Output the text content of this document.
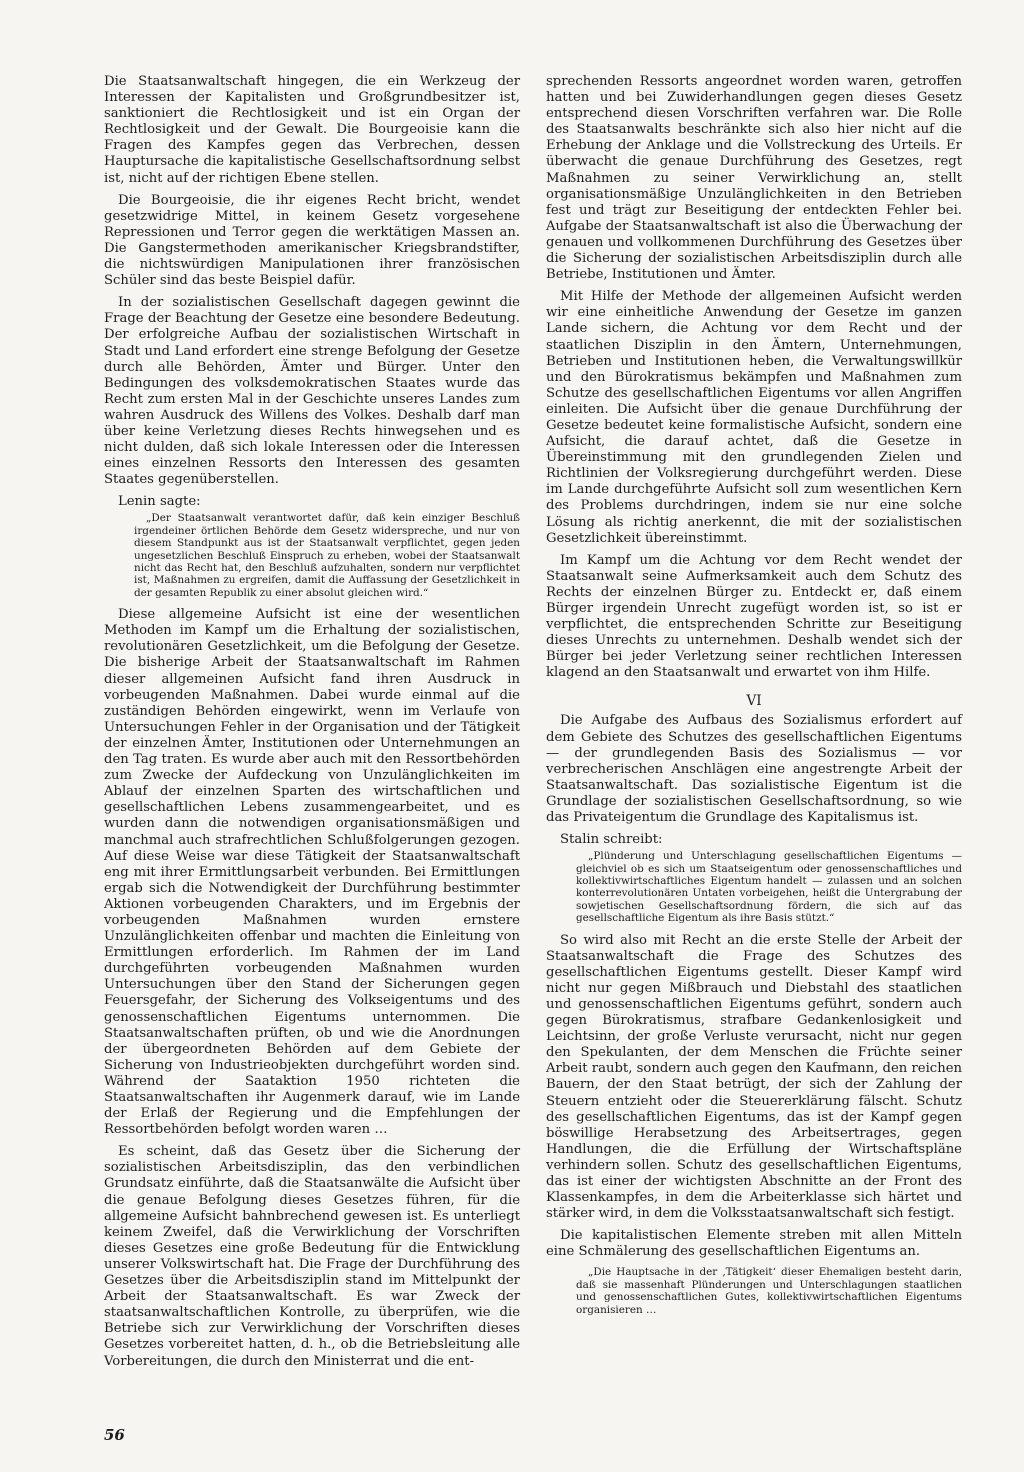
Die Staatsanwaltschaft hingegen, die ein Werkzeug der Interessen der Kapitalisten und Großgrundbesitzer ist, sanktioniert die Rechtlosigkeit und ist ein Organ der Rechtlosigkeit und der Gewalt. Die Bourgeoisie kann die Fragen des Kampfes gegen das Verbrechen, dessen Hauptursache die kapitalistische Gesellschaftsordnung selbst ist, nicht auf der richtigen Ebene stellen.

Die Bourgeoisie, die ihr eigenes Recht bricht, wendet gesetzwidrige Mittel, in keinem Gesetz vorgesehene Repressionen und Terror gegen die werktätigen Massen an. Die Gangstermethoden amerikanischer Kriegsbrandstifter, die nichtswürdigen Manipulationen ihrer französischen Schüler sind das beste Beispiel dafür.

In der sozialistischen Gesellschaft dagegen gewinnt die Frage der Beachtung der Gesetze eine besondere Bedeutung. Der erfolgreiche Aufbau der sozialistischen Wirtschaft in Stadt und Land erfordert eine strenge Befolgung der Gesetze durch alle Behörden, Ämter und Bürger. Unter den Bedingungen des volksdemokratischen Staates wurde das Recht zum ersten Mal in der Geschichte unseres Landes zum wahren Ausdruck des Willens des Volkes. Deshalb darf man über keine Verletzung dieses Rechts hinwegsehen und es nicht dulden, daß sich lokale Interessen oder die Interessen eines einzelnen Ressorts den Interessen des gesamten Staates gegenüberstellen.

Lenin sagte:
„Der Staatsanwalt verantwortet dafür, daß kein einziger Beschluß irgendeiner örtlichen Behörde dem Gesetz widerspreche, und nur von diesem Standpunkt aus ist der Staatsanwalt verpflichtet, gegen jeden ungesetzlichen Beschluß Einspruch zu erheben, wobei der Staatsanwalt nicht das Recht hat, den Beschluß aufzuhalten, sondern nur verpflichtet ist, Maßnahmen zu ergreifen, damit die Auffassung der Gesetzlichkeit in der gesamten Republik zu einer absolut gleichen wird.“

Diese allgemeine Aufsicht ist eine der wesentlichen Methoden im Kampf um die Erhaltung der sozialistischen, revolutionären Gesetzlichkeit, um die Befolgung der Gesetze. Die bisherige Arbeit der Staatsanwaltschaft im Rahmen dieser allgemeinen Aufsicht fand ihren Ausdruck in vorbeugenden Maßnahmen. Dabei wurde einmal auf die zuständigen Behörden eingewirkt, wenn im Verlaufe von Untersuchungen Fehler in der Organisation und der Tätigkeit der einzelnen Ämter, Institutionen oder Unternehmungen an den Tag traten. Es wurde aber auch mit den Ressortbehörden zum Zwecke der Aufdeckung von Unzulänglichkeiten im Ablauf der einzelnen Sparten des wirtschaftlichen und gesellschaftlichen Lebens zusammengearbeitet, und es wurden dann die notwendigen organisationsmäßigen und manchmal auch strafrechtlichen Schlußfolgerungen gezogen. Auf diese Weise war diese Tätigkeit der Staatsanwaltschaft eng mit ihrer Ermittlungsarbeit verbunden. Bei Ermittlungen ergab sich die Notwendigkeit der Durchführung bestimmter Aktionen vorbeugenden Charakters, und im Ergebnis der vorbeugenden Maßnahmen wurden ernstere Unzulänglichkeiten offenbar und machten die Einleitung von Ermittlungen erforderlich. Im Rahmen der im Land durchgeführten vorbeugenden Maßnahmen wurden Untersuchungen über den Stand der Sicherungen gegen Feuersgefahr, der Sicherung des Volkseigentums und des genossenschaftlichen Eigentums unternommen. Die Staatsanwaltschaften prüften, ob und wie die Anordnungen der übergeordneten Behörden auf dem Gebiete der Sicherung von Industrieobjekten durchgeführt worden sind. Während der Saataktion 1950 richteten die Staatsanwaltschaften ihr Augenmerk darauf, wie im Lande der Erlaß der Regierung und die Empfehlungen der Ressortbehörden befolgt worden waren …

Es scheint, daß das Gesetz über die Sicherung der sozialistischen Arbeitsdisziplin, das den verbindlichen Grundsatz einführte, daß die Staatsanwälte die Aufsicht über die genaue Befolgung dieses Gesetzes führen, für die allgemeine Aufsicht bahnbrechend gewesen ist. Es unterliegt keinem Zweifel, daß die Verwirklichung der Vorschriften dieses Gesetzes eine große Bedeutung für die Entwicklung unserer Volkswirtschaft hat. Die Frage der Durchführung des Gesetzes über die Arbeitsdisziplin stand im Mittelpunkt der Arbeit der Staatsanwaltschaft. Es war Zweck der staatsanwaltschaftlichen Kontrolle, zu überprüfen, wie die Betriebe sich zur Verwirklichung der Vorschriften dieses Gesetzes vorbereitet hatten, d. h., ob die Betriebsleitung alle Vorbereitungen, die durch den Ministerrat und die ent-

sprechenden Ressorts angeordnet worden waren, getroffen hatten und bei Zuwiderhandlungen gegen dieses Gesetz entsprechend diesen Vorschriften verfahren war. Die Rolle des Staatsanwalts beschränkte sich also hier nicht auf die Erhebung der Anklage und die Vollstreckung des Urteils. Er überwacht die genaue Durchführung des Gesetzes, regt Maßnahmen zu seiner Verwirklichung an, stellt organisationsmäßige Unzulänglichkeiten in den Betrieben fest und trägt zur Beseitigung der entdeckten Fehler bei. Aufgabe der Staatsanwaltschaft ist also die Überwachung der genauen und vollkommenen Durchführung des Gesetzes über die Sicherung der sozialistischen Arbeitsdisziplin durch alle Betriebe, Institutionen und Ämter.

Mit Hilfe der Methode der allgemeinen Aufsicht werden wir eine einheitliche Anwendung der Gesetze im ganzen Lande sichern, die Achtung vor dem Recht und der staatlichen Disziplin in den Ämtern, Unternehmungen, Betrieben und Institutionen heben, die Verwaltungswillkür und den Bürokratismus bekämpfen und Maßnahmen zum Schutze des gesellschaftlichen Eigentums vor allen Angriffen einleiten. Die Aufsicht über die genaue Durchführung der Gesetze bedeutet keine formalistische Aufsicht, sondern eine Aufsicht, die darauf achtet, daß die Gesetze in Übereinstimmung mit den grundlegenden Zielen und Richtlinien der Volksregierung durchgeführt werden. Diese im Lande durchgeführte Aufsicht soll zum wesentlichen Kern des Problems durchdringen, indem sie nur eine solche Lösung als richtig anerkennt, die mit der sozialistischen Gesetzlichkeit übereinstimmt.

Im Kampf um die Achtung vor dem Recht wendet der Staatsanwalt seine Aufmerksamkeit auch dem Schutz des Rechts der einzelnen Bürger zu. Entdeckt er, daß einem Bürger irgendein Unrecht zugefügt worden ist, so ist er verpflichtet, die entsprechenden Schritte zur Beseitigung dieses Unrechts zu unternehmen. Deshalb wendet sich der Bürger bei jeder Verletzung seiner rechtlichen Interessen klagend an den Staatsanwalt und erwartet von ihm Hilfe.

VI

Die Aufgabe des Aufbaus des Sozialismus erfordert auf dem Gebiete des Schutzes des gesellschaftlichen Eigentums — der grundlegenden Basis des Sozialismus — vor verbrecherischen Anschlägen eine angestrengte Arbeit der Staatsanwaltschaft. Das sozialistische Eigentum ist die Grundlage der sozialistischen Gesellschaftsordnung, so wie das Privateigentum die Grundlage des Kapitalismus ist.

Stalin schreibt:
„Plünderung und Unterschlagung gesellschaftlichen Eigentums — gleichviel ob es sich um Staatseigentum oder genossenschaftliches und kollektivwirtschaftliches Eigentum handelt — zulassen und an solchen konterrevolutionären Untaten vorbeigehen, heißt die Untergrabung der sowjetischen Gesellschaftsordnung fördern, die sich auf das gesellschaftliche Eigentum als ihre Basis stützt.“

So wird also mit Recht an die erste Stelle der Arbeit der Staatsanwaltschaft die Frage des Schutzes des gesellschaftlichen Eigentums gestellt. Dieser Kampf wird nicht nur gegen Mißbrauch und Diebstahl des staatlichen und genossenschaftlichen Eigentums geführt, sondern auch gegen Bürokratismus, strafbare Gedankenlosigkeit und Leichtsinn, der große Verluste verursacht, nicht nur gegen den Spekulanten, der dem Menschen die Früchte seiner Arbeit raubt, sondern auch gegen den Kaufmann, den reichen Bauern, der den Staat betrügt, der sich der Zahlung der Steuern entzieht oder die Steuererklärung fälscht. Schutz des gesellschaftlichen Eigentums, das ist der Kampf gegen böswillige Herabsetzung des Arbeitsertrages, gegen Handlungen, die die Erfüllung der Wirtschaftspläne verhindern sollen. Schutz des gesellschaftlichen Eigentums, das ist einer der wichtigsten Abschnitte an der Front des Klassenkampfes, in dem die Arbeiterklasse sich härtet und stärker wird, in dem die Volksstaatsanwaltschaft sich festigt.

Die kapitalistischen Elemente streben mit allen Mitteln eine Schmälerung des gesellschaftlichen Eigentums an.

„Die Hauptsache in der ‚Tätigkeit‘ dieser Ehemaligen besteht darin, daß sie massenhaft Plünderungen und Unterschlagungen staatlichen und genossenschaftlichen Gutes, kollektivwirtschaftlichen Eigentums organisieren …
56
